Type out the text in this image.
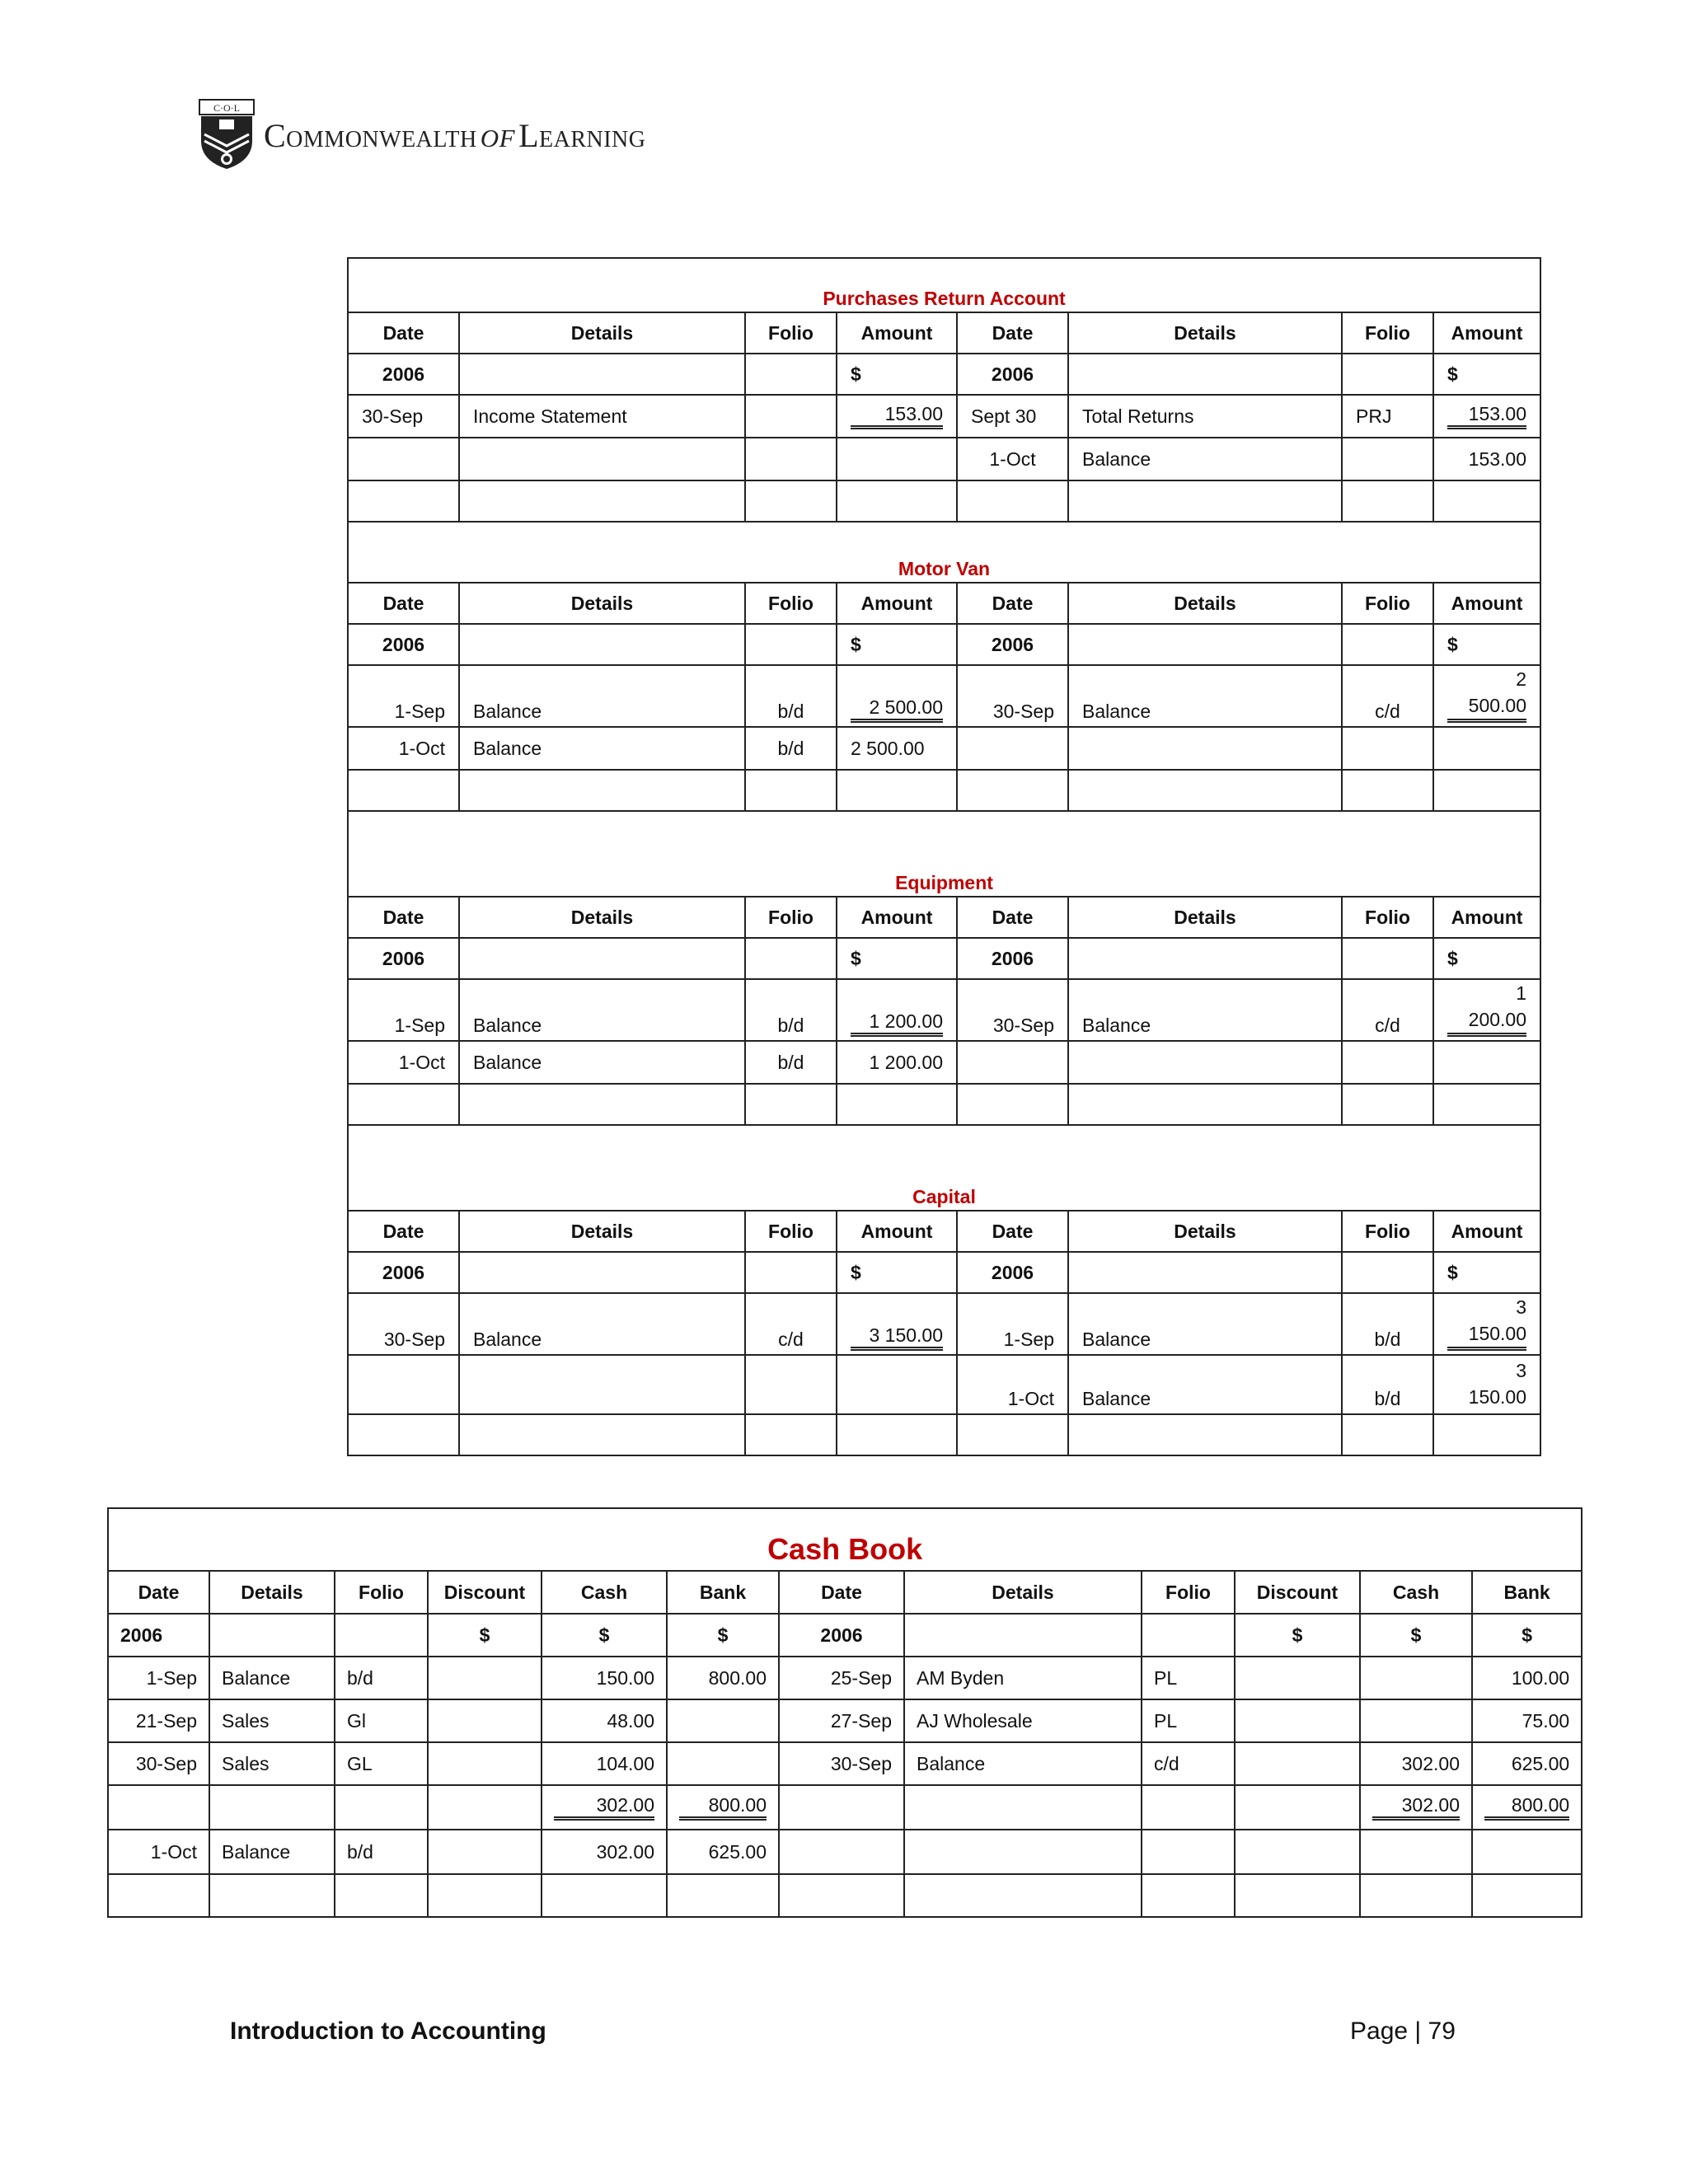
C·O·L
Commonwealth of Learning
Purchases Return Account							
Date	Details	Folio	Amount	Date	Details	Folio	Amount
2006			$	2006			$
30-Sep	Income Statement		153.00	Sept 30	Total Returns	PRJ	153.00

				1-Oct	Balance		153.00

Motor Van							
Date	Details	Folio	Amount	Date	Details	Folio	Amount
2006			$	2006			$
1-Sep	Balance	b/d	2 500.00	30-Sep	Balance	c/d	2
500.00

1-Oct	Balance	b/d	2 500.00				

Equipment							
Date	Details	Folio	Amount	Date	Details	Folio	Amount
2006			$	2006			$
1-Sep	Balance	b/d	1 200.00	30-Sep	Balance	c/d	1
200.00

1-Oct	Balance	b/d	1 200.00				

Capital							
Date	Details	Folio	Amount	Date	Details	Folio	Amount
2006			$	2006			$
30-Sep	Balance	c/d	3 150.00	1-Sep	Balance	b/d	3
150.00

				1-Oct	Balance	b/d	3
150.00

Cash Book											
Date	Details	Folio	Discount	Cash	Bank	Date	Details	Folio	Discount	Cash	Bank
2006			$	$	$	2006			$	$	$
1-Sep	Balance	b/d		150.00	800.00	25-Sep	AM Byden	PL			100.00
21-Sep	Sales	Gl		48.00		27-Sep	AJ Wholesale	PL			75.00
30-Sep	Sales	GL		104.00		30-Sep	Balance	c/d		302.00	625.00

				302.00	800.00					302.00	800.00

1-Oct	Balance	b/d		302.00	625.00						

Introduction to Accounting	Page | 79
